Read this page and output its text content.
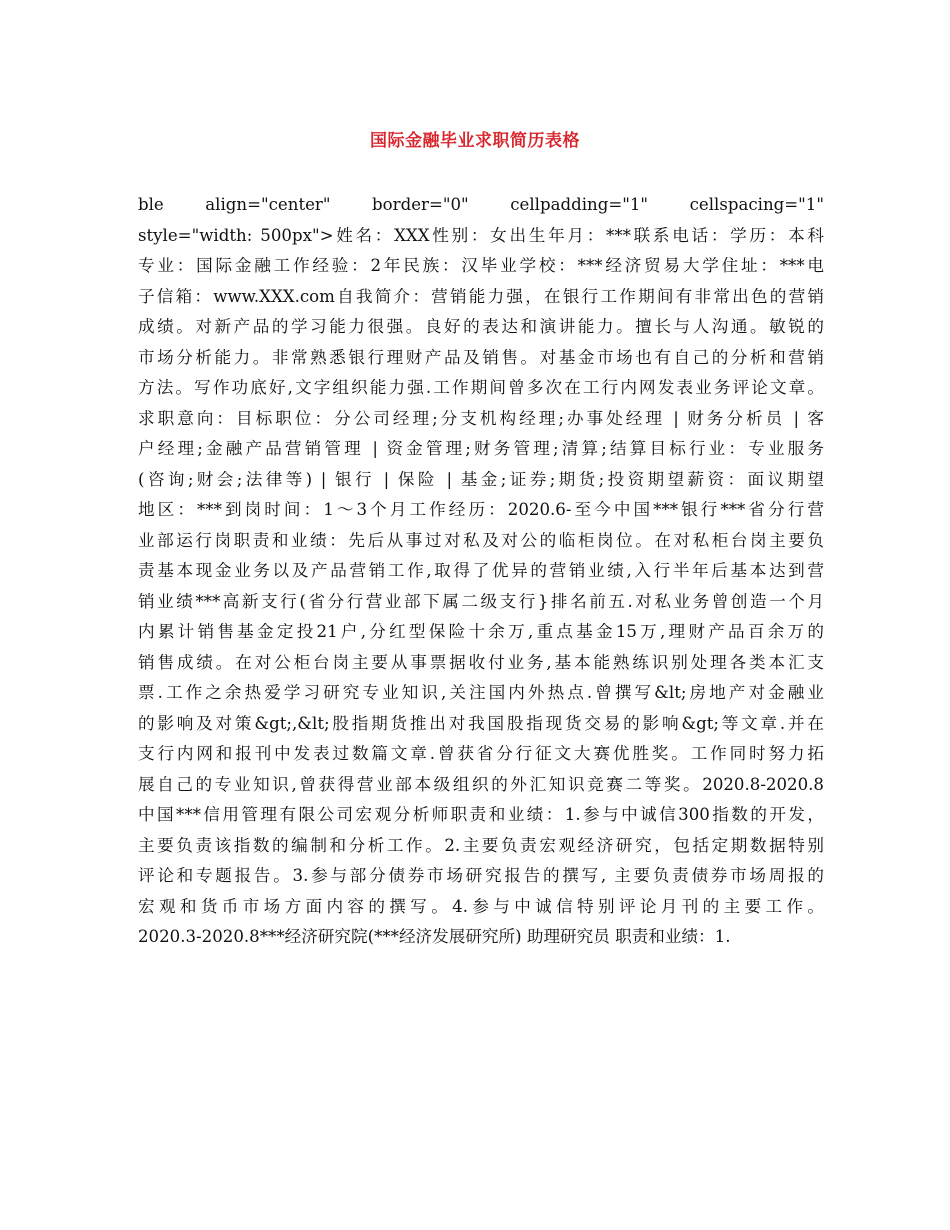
国际金融毕业求职简历表格
ble align="center" border="0" cellpadding="1" cellspacing="1"
style="width: 500px">姓名：XXX性别：女出生年月：***联系电话：学历：本科
专业：国际金融工作经验：2年民族：汉毕业学校：***经济贸易大学住址：***电
子信箱：www.XXX.com自我简介：营销能力强，在银行工作期间有非常出色的营销
成绩。对新产品的学习能力很强。良好的表达和演讲能力。擅长与人沟通。敏锐的
市场分析能力。非常熟悉银行理财产品及销售。对基金市场也有自己的分析和营销
方法。写作功底好,文字组织能力强.工作期间曾多次在工行内网发表业务评论文章。
求职意向：目标职位：分公司经理;分支机构经理;办事处经理 | 财务分析员 | 客
户经理;金融产品营销管理 | 资金管理;财务管理;清算;结算目标行业：专业服务
(咨询;财会;法律等) | 银行 | 保险 | 基金;证券;期货;投资期望薪资：面议期望
地区：***到岗时间：1～3个月工作经历：2020.6-至今中国***银行***省分行营
业部运行岗职责和业绩：先后从事过对私及对公的临柜岗位。在对私柜台岗主要负
责基本现金业务以及产品营销工作,取得了优异的营销业绩,入行半年后基本达到营
销业绩***高新支行(省分行营业部下属二级支行}排名前五.对私业务曾创造一个月
内累计销售基金定投21户,分红型保险十余万,重点基金15万,理财产品百余万的
销售成绩。在对公柜台岗主要从事票据收付业务,基本能熟练识别处理各类本汇支
票.工作之余热爱学习研究专业知识,关注国内外热点.曾撰写&lt;房地产对金融业
的影响及对策&gt;,&lt;股指期货推出对我国股指现货交易的影响&gt;等文章.并在
支行内网和报刊中发表过数篇文章.曾获省分行征文大赛优胜奖。工作同时努力拓
展自己的专业知识,曾获得营业部本级组织的外汇知识竞赛二等奖。2020.8-2020.8
中国***信用管理有限公司宏观分析师职责和业绩：1.参与中诚信300指数的开发，
主要负责该指数的编制和分析工作。2.主要负责宏观经济研究，包括定期数据特别
评论和专题报告。3.参与部分债券市场研究报告的撰写, 主要负责债券市场周报的
宏观和货币市场方面内容的撰写。4.参与中诚信特别评论月刊的主要工作。
2020.3-2020.8***经济研究院(***经济发展研究所) 助理研究员 职责和业绩：1.
